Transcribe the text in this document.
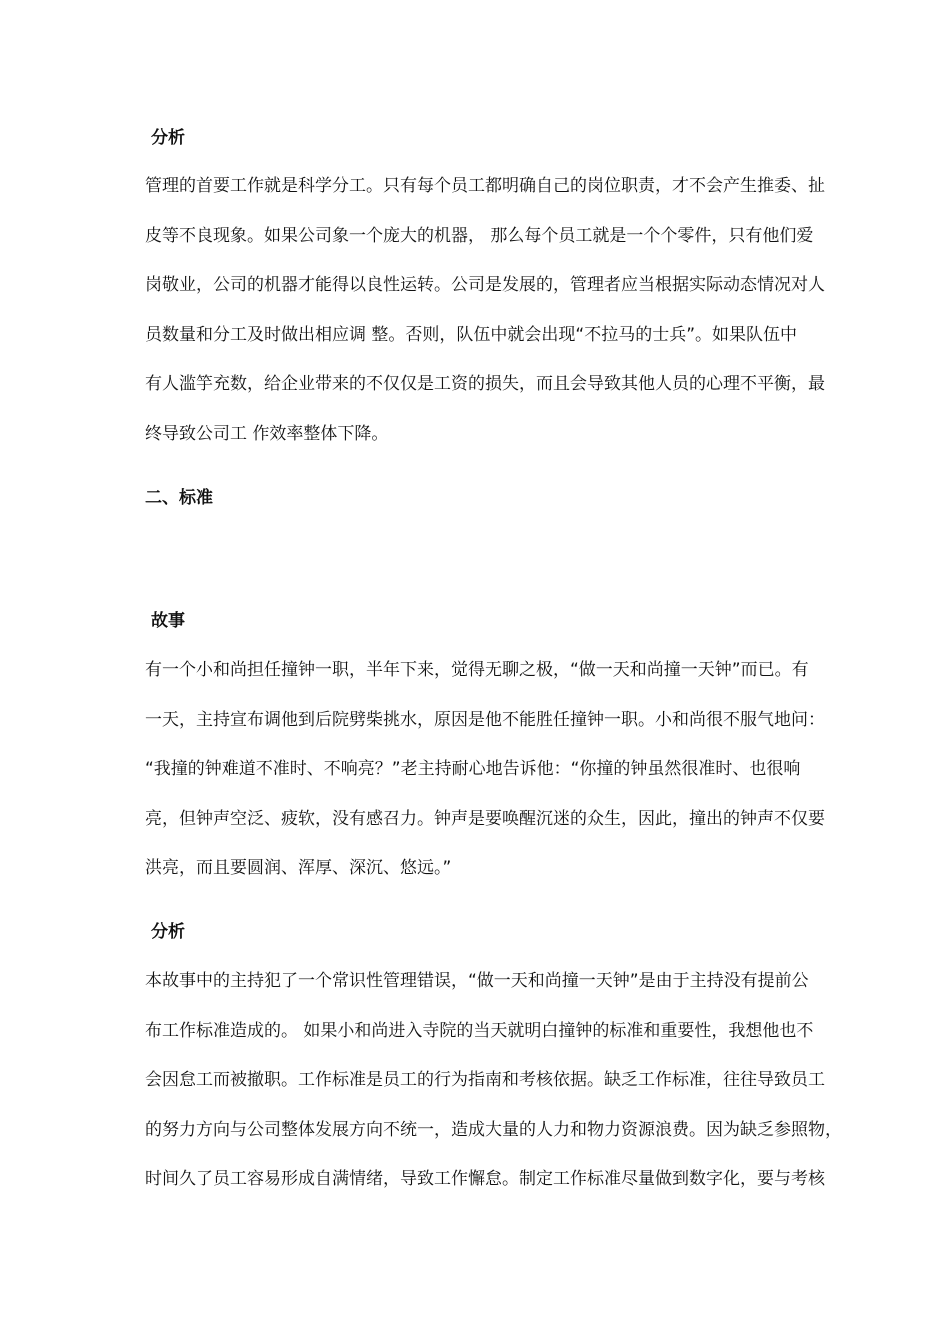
分析
管理的首要工作就是科学分工。只有每个员工都明确自己的岗位职责，才不会产生推委、扯
皮等不良现象。如果公司象一个庞大的机器， 那么每个员工就是一个个零件，只有他们爱
岗敬业，公司的机器才能得以良性运转。公司是发展的，管理者应当根据实际动态情况对人
员数量和分工及时做出相应调 整。否则，队伍中就会出现“不拉马的士兵”。如果队伍中
有人滥竽充数，给企业带来的不仅仅是工资的损失，而且会导致其他人员的心理不平衡，最
终导致公司工 作效率整体下降。
二、标准
故事
有一个小和尚担任撞钟一职，半年下来，觉得无聊之极，“做一天和尚撞一天钟”而已。有
一天，主持宣布调他到后院劈柴挑水，原因是他不能胜任撞钟一职。小和尚很不服气地问：
“我撞的钟难道不准时、不响亮？”老主持耐心地告诉他：“你撞的钟虽然很准时、也很响
亮，但钟声空泛、疲软，没有感召力。钟声是要唤醒沉迷的众生，因此，撞出的钟声不仅要
洪亮，而且要圆润、浑厚、深沉、悠远。”
分析
本故事中的主持犯了一个常识性管理错误，“做一天和尚撞一天钟”是由于主持没有提前公
布工作标准造成的。 如果小和尚进入寺院的当天就明白撞钟的标准和重要性，我想他也不
会因怠工而被撤职。工作标准是员工的行为指南和考核依据。缺乏工作标准，往往导致员工
的努力方向与公司整体发展方向不统一，造成大量的人力和物力资源浪费。因为缺乏参照物，
时间久了员工容易形成自满情绪，导致工作懈怠。制定工作标准尽量做到数字化，要与考核
